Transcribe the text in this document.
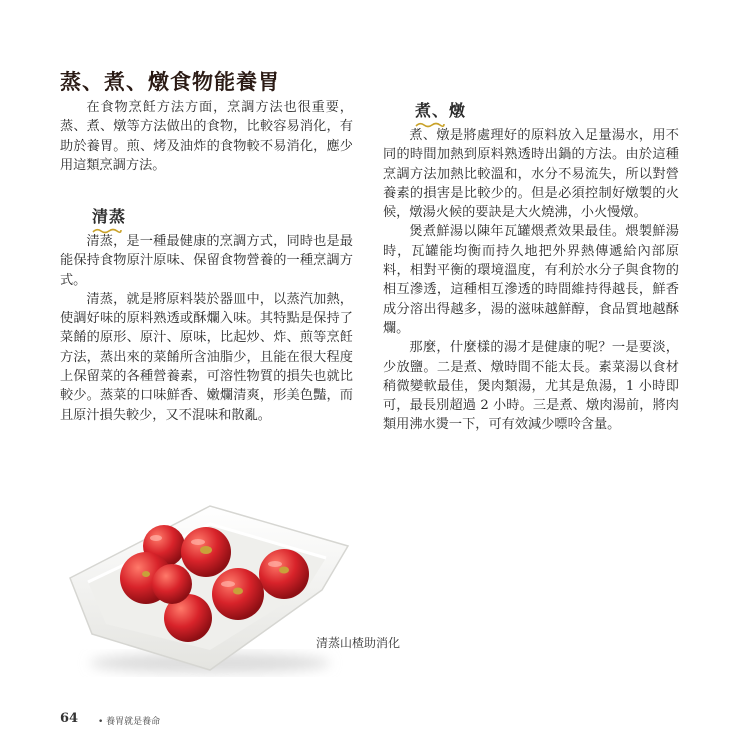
蒸、煮、燉食物能養胃

在食物烹飪方法方面，烹調方法也很重要，蒸、煮、燉等方法做出的食物，比較容易消化，有助於養胃。煎、烤及油炸的食物較不易消化，應少用這類烹調方法。

清蒸

清蒸，是一種最健康的烹調方式，同時也是最能保持食物原汁原味、保留食物營養的一種烹調方式。

清蒸，就是將原料裝於器皿中，以蒸汽加熱，使調好味的原料熟透或酥爛入味。其特點是保持了菜餚的原形、原汁、原味，比起炒、炸、煎等烹飪方法，蒸出來的菜餚所含油脂少，且能在很大程度上保留菜的各種營養素，可溶性物質的損失也就比較少。蒸菜的口味鮮香、嫩爛清爽，形美色豔，而且原汁損失較少，又不混味和散亂。

煮、燉

煮、燉是將處理好的原料放入足量湯水，用不同的時間加熱到原料熟透時出鍋的方法。由於這種烹調方法加熱比較溫和，水分不易流失，所以對營養素的損害是比較少的。但是必須控制好燉製的火候，燉湯火候的要訣是大火燒沸，小火慢燉。

煲煮鮮湯以陳年瓦罐煨煮效果最佳。煨製鮮湯時，瓦罐能均衡而持久地把外界熱傳遞給內部原料，相對平衡的環境溫度，有利於水分子與食物的相互滲透，這種相互滲透的時間維持得越長，鮮香成分溶出得越多，湯的滋味越鮮醇，食品質地越酥爛。

那麼，什麼樣的湯才是健康的呢？一是要淡，少放鹽。二是煮、燉時間不能太長。素菜湯以食材稍微變軟最佳，煲肉類湯，尤其是魚湯，1 小時即可，最長別超過 2 小時。三是煮、燉肉湯前，將肉類用沸水燙一下，可有效減少嘌呤含量。

清蒸山楂助消化

64 • 養胃就是養命
